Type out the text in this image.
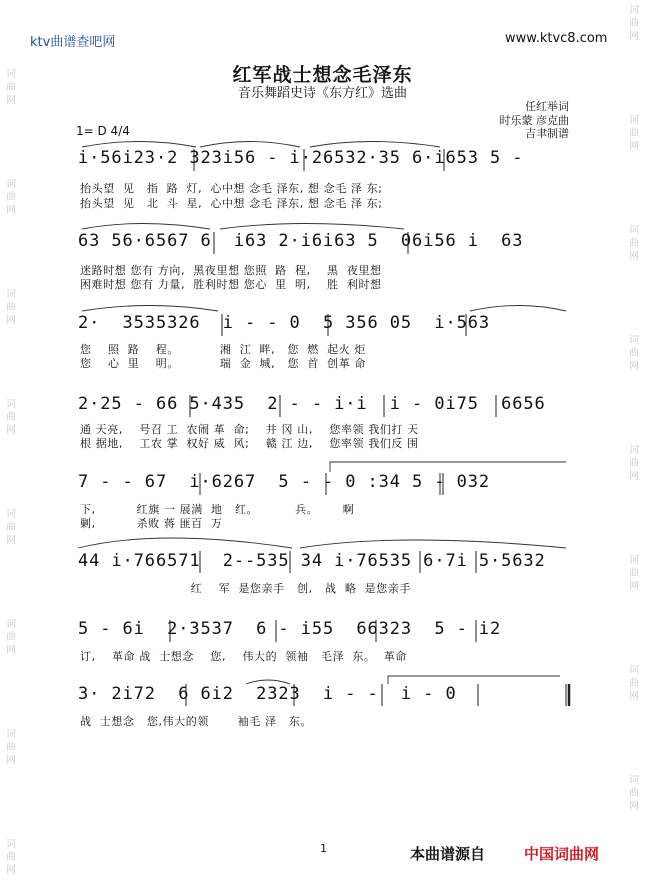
ktv曲谱查吧网	www.ktvc8.com
词
曲
网
词
曲
网
词
曲
网
词
曲
网
词
曲
网
词
曲
网
词
曲
网
词
曲
网
词
曲
网
词
曲
网
词
曲
网
词
曲
网
词
曲
网
词
曲
网
词
曲
网
词
曲
网
红军战士想念毛泽东
音乐舞蹈史诗《东方红》选曲
任红举词
时乐蒙 彦克曲
吉聿制谱
1= D 4/4
i·56i23·2 323i56 - i·26532·35 6·i653 5 -
抬头望  见   指  路  灯,  心中想 念毛 泽东, 想 念毛 泽 东;
抬头望  见   北  斗  星,  心中想 念毛 泽东, 想 念毛 泽 东;
63 56·6567 6  i63 2·i6i63 5  06i56 i  63
迷路时想 您有 方向,  黑夜里想 您照  路  程,    黑  夜里想
困难时想 您有 力量,  胜利时想 您心  里  明,    胜  利时想
2·  3535326  i - - 0  5 356 05  i·563
您    照  路    程。          湘  江  畔,   您  燃  起火 炬
您    心  里    明。          瑞  金  城,   您  首  创革 命
2·25 - 66 5·435  2 - - i·i  i - 0i75  6656
通 天亮,    号召 工  农闹 革  命;    井 冈 山,    您率领 我们打 天
根 据地,    工农 掌  权好 威  风;    赣 江 边,    您率领 我们反 围
7 - - 67  i·6267  5 - - 0 :34 5 - 032
下,          红旗 一 展满  地   红。         兵。      啊
剿,          杀败 蒋 匪百  万
44 i·766571  2--535 34 i·76535 6·7i 5·5632
红    军  是您亲手   创,   战  略  是您亲手
5 - 6i  2·3537  6 - i55  66323  5 - i2
订,    革命 战  士想念    您,    伟大的  领袖   毛泽  东。  革命
3· 2i72  6 6i2  2323  i - -  i - 0
战  士想念   您,伟大的领       袖毛 泽   东。
1	本曲谱源自	中国词曲网
